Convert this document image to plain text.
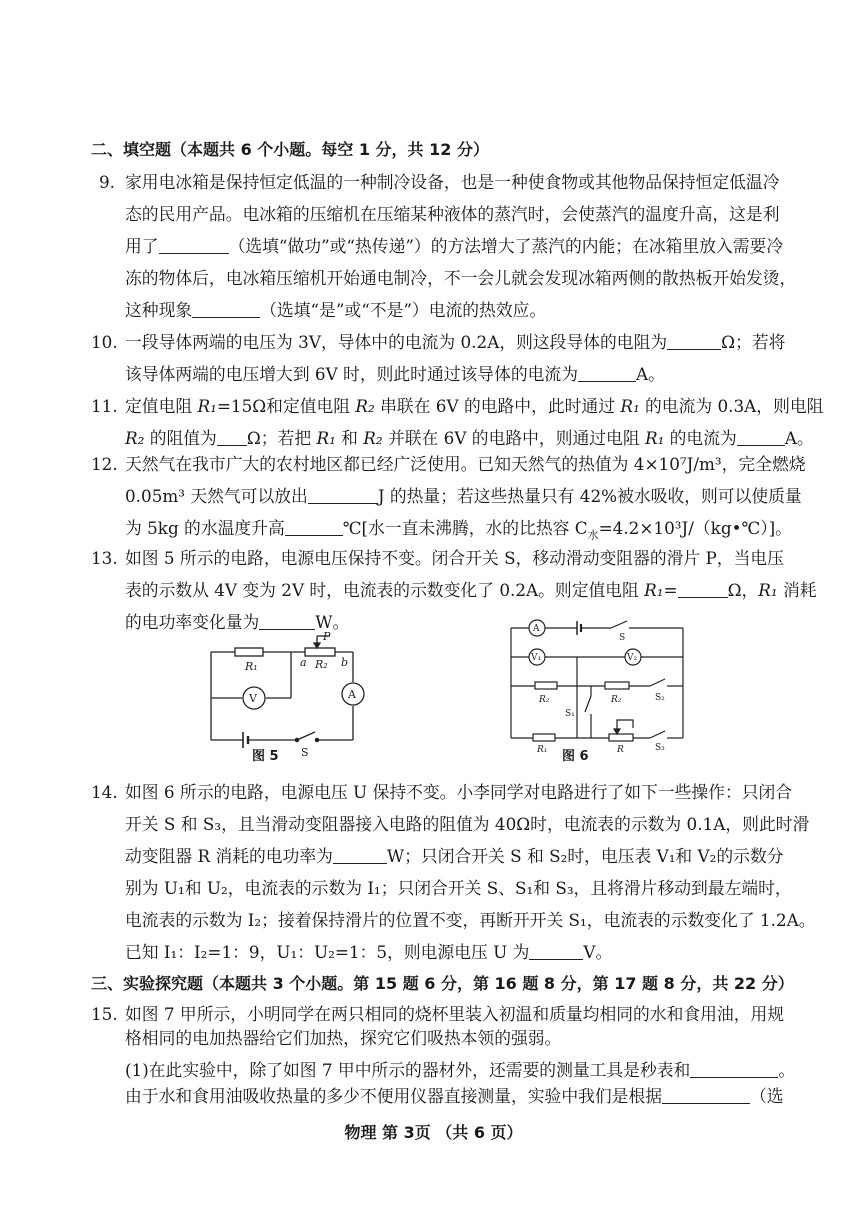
二、填空题（本题共 6 个小题。每空 1 分，共 12 分）
9. 家用电冰箱是保持恒定低温的一种制冷设备，也是一种使食物或其他物品保持恒定低温冷
态的民用产品。电冰箱的压缩机在压缩某种液体的蒸汽时，会使蒸汽的温度升高，这是利
用了	（选填“做功”或“热传递”）的方法增大了蒸汽的内能；在冰箱里放入需要冷
冻的物体后，电冰箱压缩机开始通电制冷，不一会儿就会发现冰箱两侧的散热板开始发烫，
这种现象	（选填“是”或“不是”）电流的热效应。
10. 一段导体两端的电压为 3V，导体中的电流为 0.2A，则这段导体的电阻为	Ω；若将
该导体两端的电压增大到 6V 时，则此时通过该导体的电流为	A。
11. 定值电阻 R₁=15Ω和定值电阻 R₂ 串联在 6V 的电路中，此时通过 R₁ 的电流为 0.3A，则电阻
R₂ 的阻值为 Ω；若把 R₁ 和 R₂ 并联在 6V 的电路中，则通过电阻 R₁ 的电流为	A。
12. 天然气在我市广大的农村地区都已经广泛使用。已知天然气的热值为 4×10⁷J/m³，完全燃烧
0.05m³ 天然气可以放出	J 的热量；若这些热量只有 42%被水吸收，则可以使质量
为 5kg 的水温度升高	℃[水一直未沸腾，水的比热容 $C_水=4.2\times 10^3J/(kg•℃)$]。
13. 如图 5 所示的电路，电源电压保持不变。闭合开关 S，移动滑动变阻器的滑片 P，当电压
表的示数从 4V 变为 2V 时，电流表的示数变化了 0.2A。则定值电阻 R₁=	Ω，R₁ 消耗
的电功率变化量为	W。
R₁	a R₂ b
P
V	A
S
图 5
A
S
V₁	V₂
R₂	R₂	S₂
S₁
R₁	R	S₃
图 6
14. 如图 6 所示的电路，电源电压 U 保持不变。小李同学对电路进行了如下一些操作：只闭合
开关 S 和 S₃，且当滑动变阻器接入电路的阻值为 40Ω时，电流表的示数为 0.1A，则此时滑
动变阻器 R 消耗的电功率为	W；只闭合开关 S 和 S₂时，电压表 V₁和 V₂的示数分
别为 U₁和 U₂，电流表的示数为 I₁；只闭合开关 S、S₁和 S₃，且将滑片移动到最左端时，
电流表的示数为 I₂；接着保持滑片的位置不变，再断开开关 S₁，电流表的示数变化了 1.2A。
已知 I₁：I₂=1：9，U₁：U₂=1：5，则电源电压 U 为	V。
三、实验探究题（本题共 3 个小题。第 15 题 6 分，第 16 题 8 分，第 17 题 8 分，共 22 分）
15. 如图 7 甲所示，小明同学在两只相同的烧杯里装入初温和质量均相同的水和食用油，用规
格相同的电加热器给它们加热，探究它们吸热本领的强弱。
(1)在此实验中，除了如图 7 甲中所示的器材外，还需要的测量工具是秒表和	。
由于水和食用油吸收热量的多少不便用仪器直接测量，实验中我们是根据	（选
物理 第 3页 （共 6 页）
